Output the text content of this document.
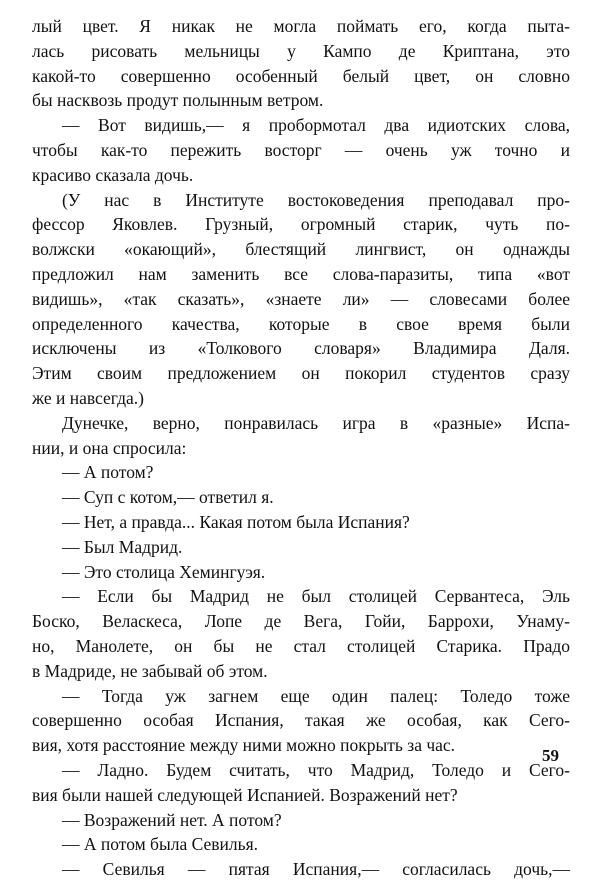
лый цвет. Я никак не могла поймать его, когда пыта-
лась рисовать мельницы у Кампо де Криптана, это
какой-то совершенно особенный белый цвет, он словно
бы насквозь продут полынным ветром.
— Вот видишь,— я пробормотал два идиотских слова,
чтобы как-то пережить восторг — очень уж точно и
красиво сказала дочь.
(У нас в Институте востоковедения преподавал про-
фессор Яковлев. Грузный, огромный старик, чуть по-
волжски «окающий», блестящий лингвист, он однажды
предложил нам заменить все слова-паразиты, типа «вот
видишь», «так сказать», «знаете ли» — словесами более
определенного качества, которые в свое время были
исключены из «Толкового словаря» Владимира Даля.
Этим своим предложением он покорил студентов сразу
же и навсегда.)
Дунечке, верно, понравилась игра в «разные» Испа-
нии, и она спросила:
— А потом?
— Суп с котом,— ответил я.
— Нет, а правда... Какая потом была Испания?
— Был Мадрид.
— Это столица Хемингуэя.
— Если бы Мадрид не был столицей Сервантеса, Эль
Боско, Веласкеса, Лопе де Вега, Гойи, Баррохи, Унаму-
но, Манолете, он бы не стал столицей Старика. Прадо
в Мадриде, не забывай об этом.
— Тогда уж загнем еще один палец: Толедо тоже
совершенно особая Испания, такая же особая, как Сего-
вия, хотя расстояние между ними можно покрыть за час.
— Ладно. Будем считать, что Мадрид, Толедо и Сего-
вия были нашей следующей Испанией. Возражений нет?
— Возражений нет. А потом?
— А потом была Севилья.
— Севилья — пятая Испания,— согласилась дочь,—
59
